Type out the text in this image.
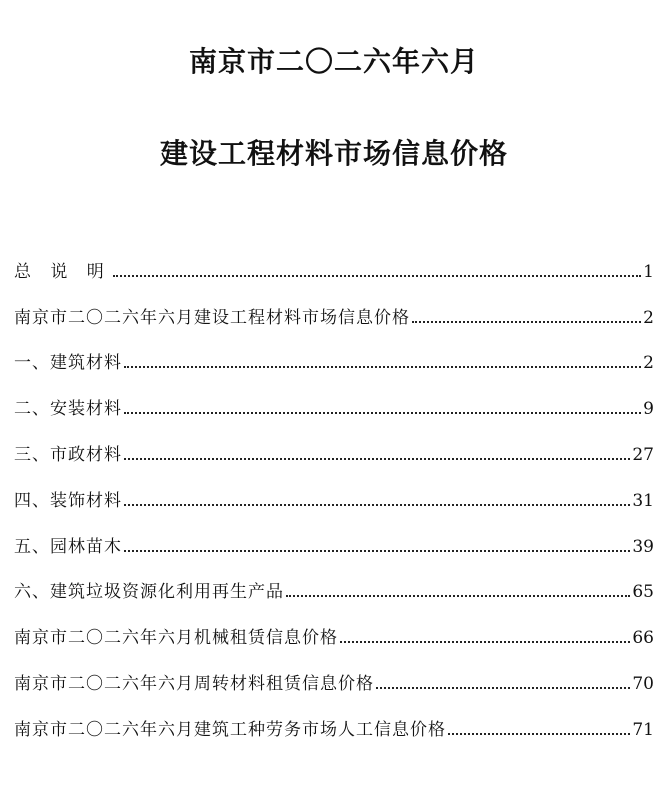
南京市二〇二六年六月
建设工程材料市场信息价格
总 说 明	1
南京市二〇二六年六月建设工程材料市场信息价格	2
一、建筑材料	2
二、安装材料	9
三、市政材料	27
四、装饰材料	31
五、园林苗木	39
六、建筑垃圾资源化利用再生产品	65
南京市二〇二六年六月机械租赁信息价格	66
南京市二〇二六年六月周转材料租赁信息价格	70
南京市二〇二六年六月建筑工种劳务市场人工信息价格	71
